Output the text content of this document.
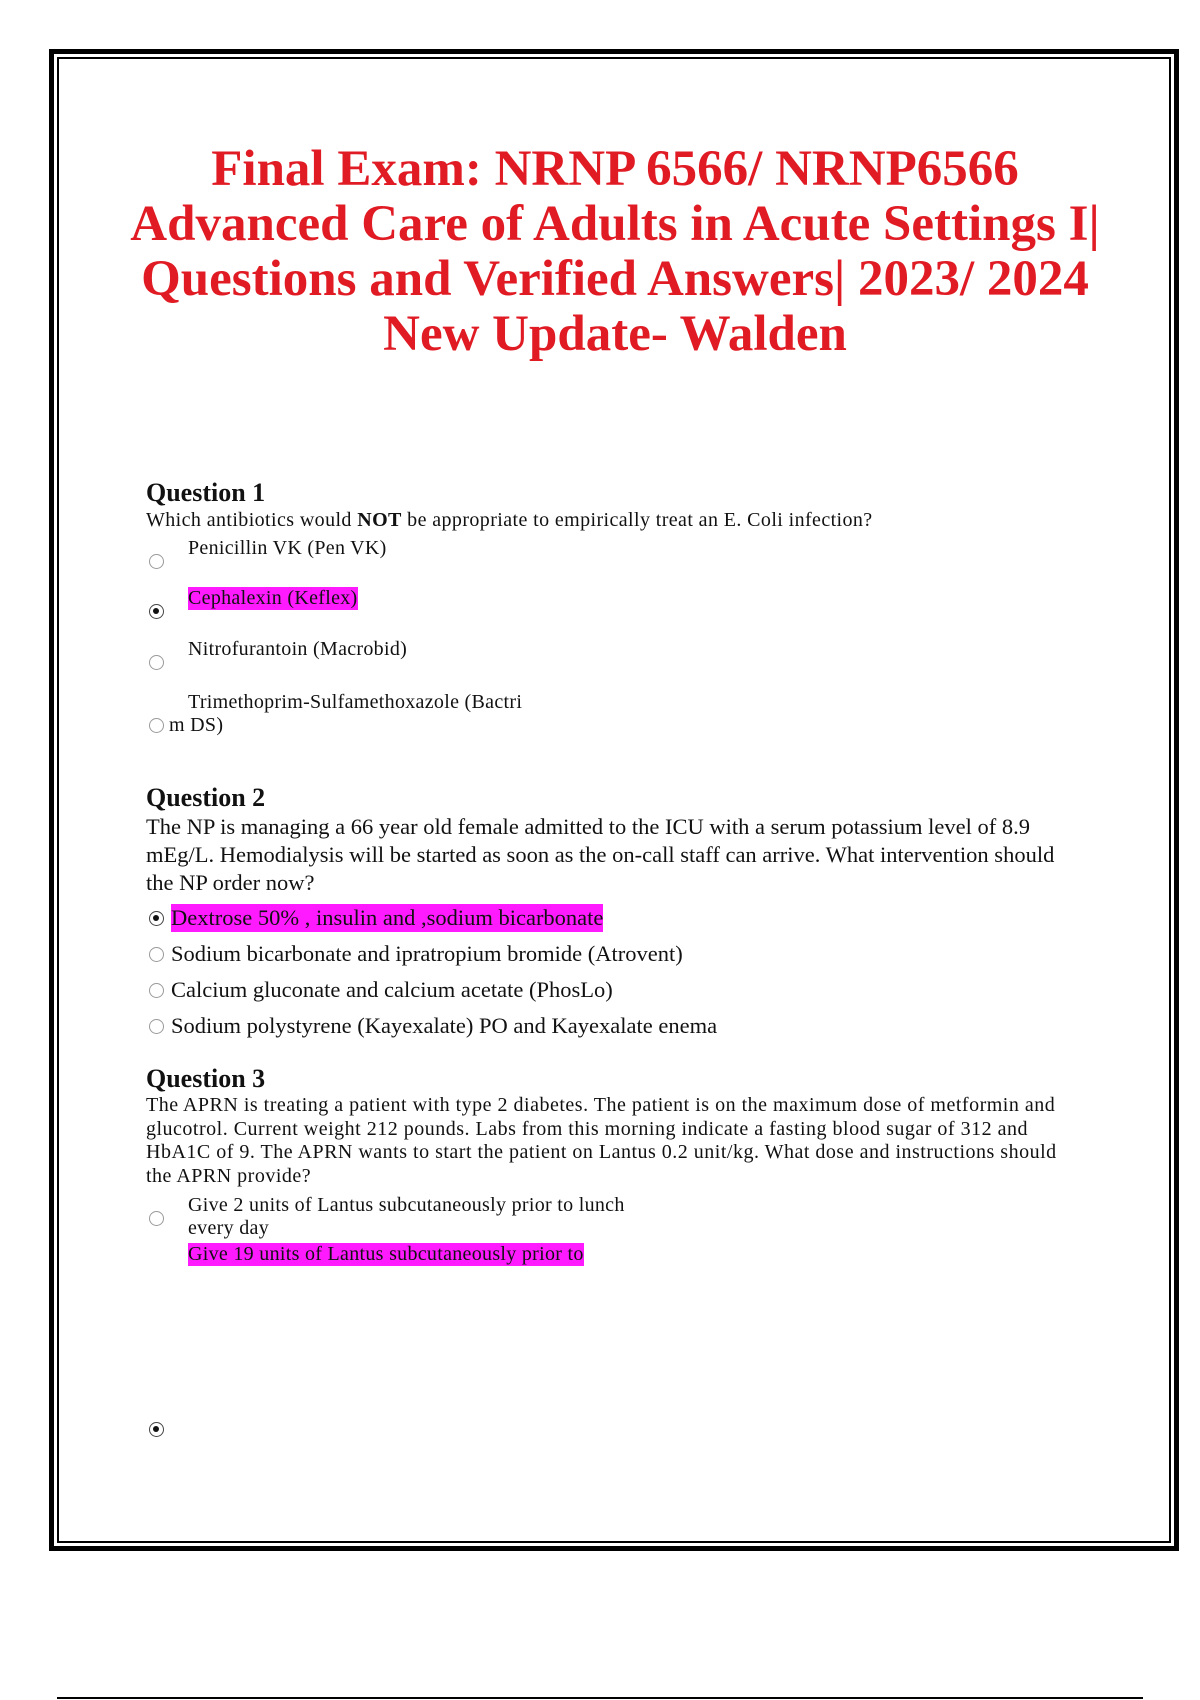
Final Exam: NRNP 6566/ NRNP6566 Advanced Care of Adults in Acute Settings I| Questions and Verified Answers| 2023/ 2024 New Update- Walden

Question 1

Which antibiotics would NOT be appropriate to empirically treat an E. Coli infection?

Penicillin VK (Pen VK)
Cephalexin (Keflex)
Nitrofurantoin (Macrobid)
Trimethoprim-Sulfamethoxazole (Bactri
m DS)

Question 2

The NP is managing a 66 year old female admitted to the ICU with a serum potassium level of 8.9 mEg/L. Hemodialysis will be started as soon as the on-call staff can arrive. What intervention should the NP order now?

Dextrose 50% , insulin and ,sodium bicarbonate
Sodium bicarbonate and ipratropium bromide (Atrovent)
Calcium gluconate and calcium acetate (PhosLo)
Sodium polystyrene (Kayexalate) PO and Kayexalate enema

Question 3

The APRN is treating a patient with type 2 diabetes. The patient is on the maximum dose of metformin and glucotrol. Current weight 212 pounds. Labs from this morning indicate a fasting blood sugar of 312 and HbA1C of 9. The APRN wants to start the patient on Lantus 0.2 unit/kg. What dose and instructions should the APRN provide?

Give 2 units of Lantus subcutaneously prior to lunch
every day
Give 19 units of Lantus subcutaneously prior to
